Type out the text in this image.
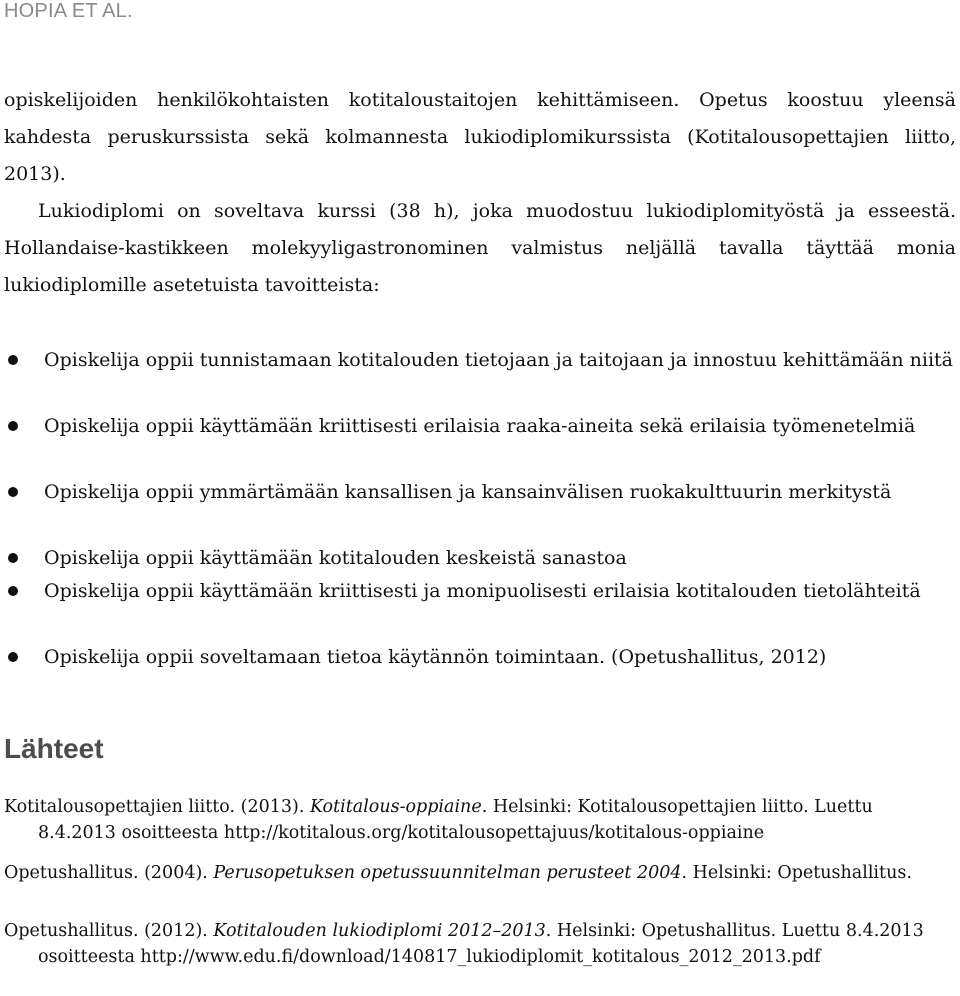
HOPIA ET AL.
opiskelijoiden henkilökohtaisten kotitaloustaitojen kehittämiseen. Opetus koostuu yleensä kahdesta peruskurssista sekä kolmannesta lukiodiplomikurssista (Kotitalousopettajien liitto, 2013).
Lukiodiplomi on soveltava kurssi (38 h), joka muodostuu lukiodiplomityöstä ja esseestä. Hollandaise-kastikkeen molekyyligastronominen valmistus neljällä tavalla täyttää monia lukiodiplomille asetetuista tavoitteista:
Opiskelija oppii tunnistamaan kotitalouden tietojaan ja taitojaan ja innostuu kehittämään niitä
Opiskelija oppii käyttämään kriittisesti erilaisia raaka-aineita sekä erilaisia työmenetelmiä
Opiskelija oppii ymmärtämään kansallisen ja kansainvälisen ruokakulttuurin merkitystä
Opiskelija oppii käyttämään kotitalouden keskeistä sanastoa
Opiskelija oppii käyttämään kriittisesti ja monipuolisesti erilaisia kotitalouden tietolähteitä
Opiskelija oppii soveltamaan tietoa käytännön toimintaan. (Opetushallitus, 2012)
Lähteet
Kotitalousopettajien liitto. (2013). Kotitalous-oppiaine. Helsinki: Kotitalousopettajien liitto. Luettu 8.4.2013 osoitteesta http://kotitalous.org/kotitalousopettajuus/kotitalous-oppiaine
Opetushallitus. (2004). Perusopetuksen opetussuunnitelman perusteet 2004. Helsinki: Opetushallitus.
Opetushallitus. (2012). Kotitalouden lukiodiplomi 2012–2013. Helsinki: Opetushallitus. Luettu 8.4.2013 osoitteesta http://www.edu.fi/download/140817_lukiodiplomit_kotitalous_2012_2013.pdf
